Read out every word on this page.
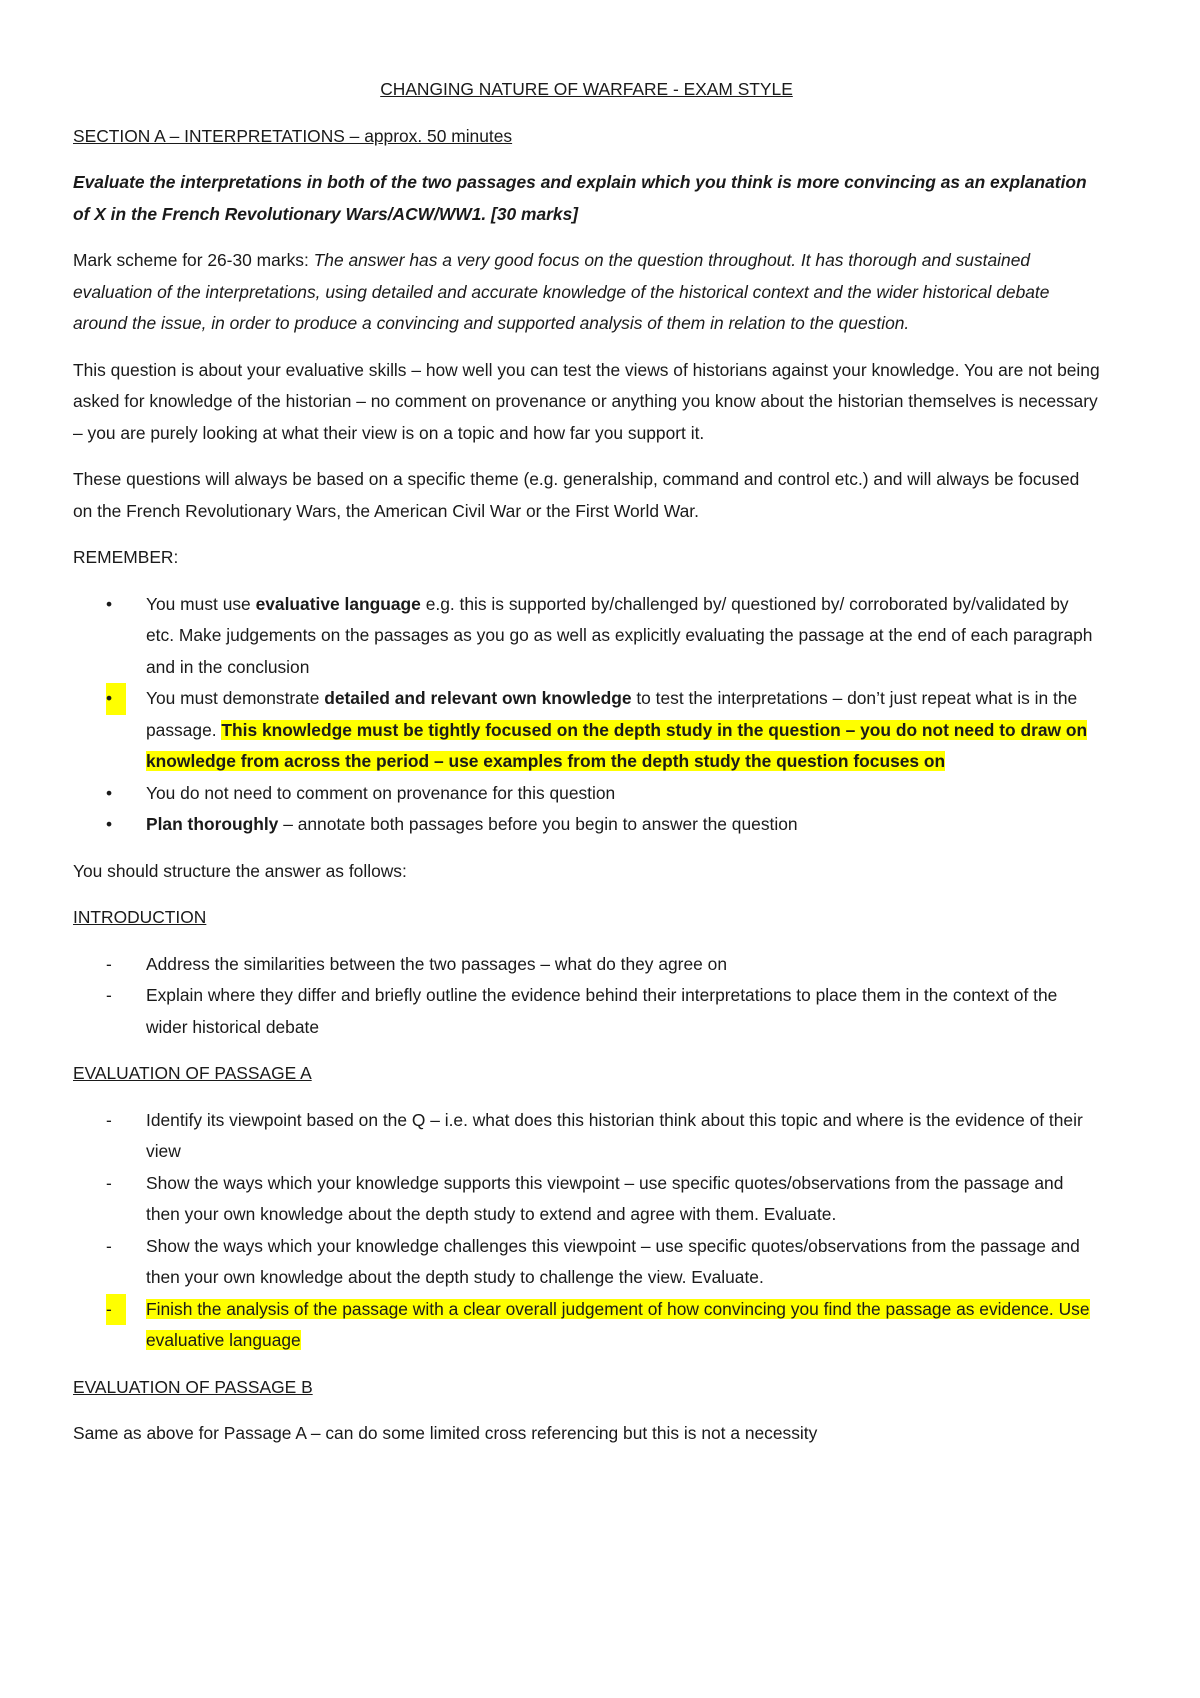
CHANGING NATURE OF WARFARE - EXAM STYLE

SECTION A – INTERPRETATIONS – approx. 50 minutes

Evaluate the interpretations in both of the two passages and explain which you think is more convincing as an explanation of X in the French Revolutionary Wars/ACW/WW1. [30 marks]

Mark scheme for 26-30 marks: The answer has a very good focus on the question throughout. It has thorough and sustained evaluation of the interpretations, using detailed and accurate knowledge of the historical context and the wider historical debate around the issue, in order to produce a convincing and supported analysis of them in relation to the question.

This question is about your evaluative skills – how well you can test the views of historians against your knowledge. You are not being asked for knowledge of the historian – no comment on provenance or anything you know about the historian themselves is necessary – you are purely looking at what their view is on a topic and how far you support it.

These questions will always be based on a specific theme (e.g. generalship, command and control etc.) and will always be focused on the French Revolutionary Wars, the American Civil War or the First World War.

REMEMBER:

•	You must use evaluative language e.g. this is supported by/challenged by/ questioned by/ corroborated by/validated by etc. Make judgements on the passages as you go as well as explicitly evaluating the passage at the end of each paragraph and in the conclusion
•	You must demonstrate detailed and relevant own knowledge to test the interpretations – don’t just repeat what is in the passage. This knowledge must be tightly focused on the depth study in the question – you do not need to draw on knowledge from across the period – use examples from the depth study the question focuses on
•	You do not need to comment on provenance for this question
•	Plan thoroughly – annotate both passages before you begin to answer the question

You should structure the answer as follows:

INTRODUCTION

-	Address the similarities between the two passages – what do they agree on
-	Explain where they differ and briefly outline the evidence behind their interpretations to place them in the context of the wider historical debate

EVALUATION OF PASSAGE A

-	Identify its viewpoint based on the Q – i.e. what does this historian think about this topic and where is the evidence of their view
-	Show the ways which your knowledge supports this viewpoint – use specific quotes/observations from the passage and then your own knowledge about the depth study to extend and agree with them. Evaluate.
-	Show the ways which your knowledge challenges this viewpoint – use specific quotes/observations from the passage and then your own knowledge about the depth study to challenge the view. Evaluate.
-	Finish the analysis of the passage with a clear overall judgement of how convincing you find the passage as evidence. Use evaluative language

EVALUATION OF PASSAGE B

Same as above for Passage A – can do some limited cross referencing but this is not a necessity
